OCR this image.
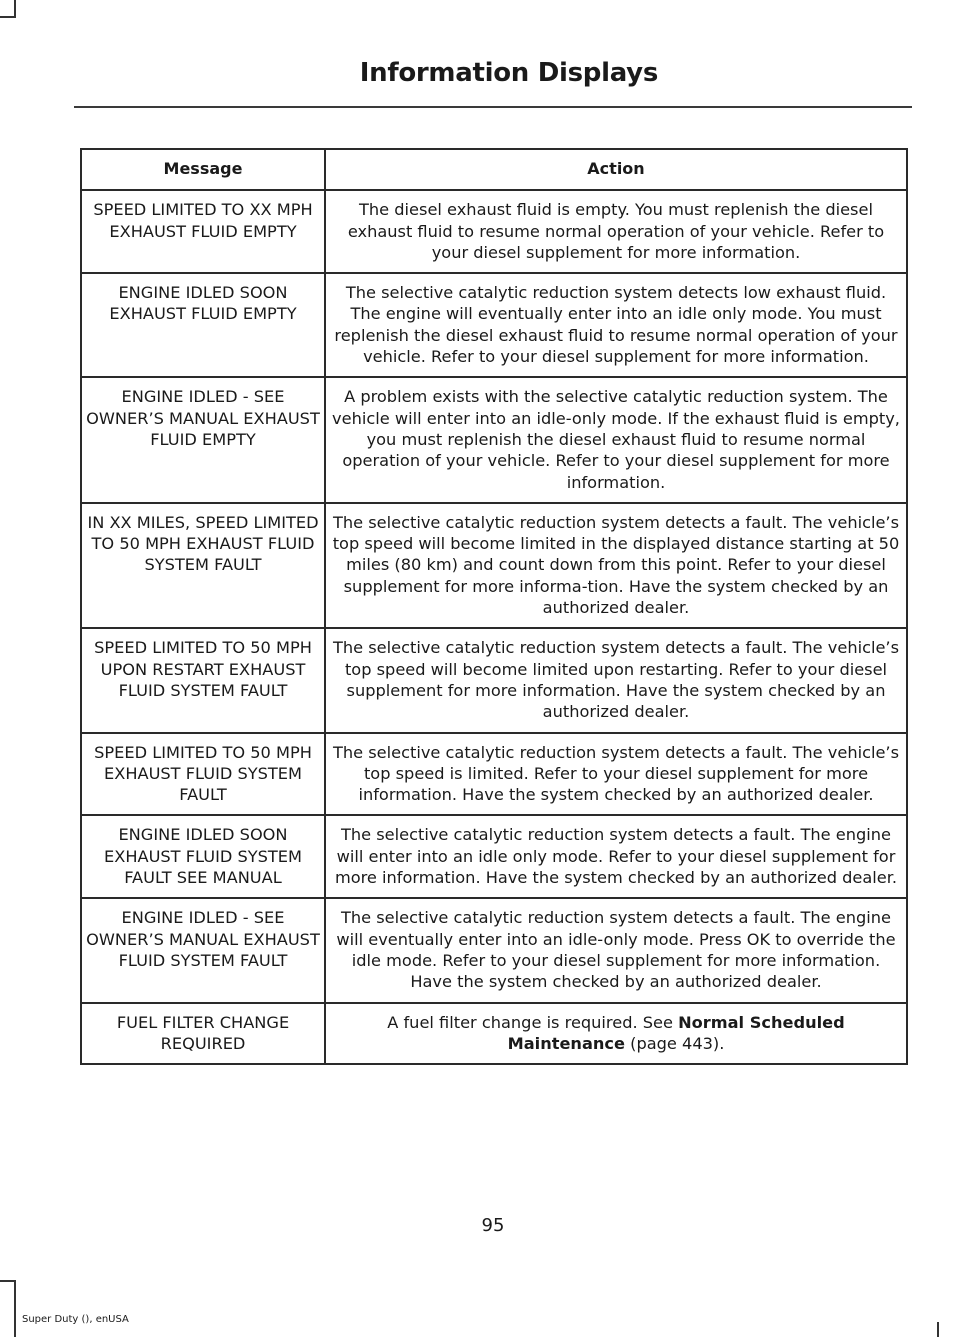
Information Displays
Message	Action
SPEED LIMITED TO XX MPH EXHAUST FLUID EMPTY	The diesel exhaust fluid is empty. You must replenish the diesel exhaust fluid to resume normal operation of your vehicle. Refer to your diesel supplement for more information.
ENGINE IDLED SOON EXHAUST FLUID EMPTY	The selective catalytic reduction system detects low exhaust fluid. The engine will eventually enter into an idle only mode. You must replenish the diesel exhaust fluid to resume normal operation of your vehicle. Refer to your diesel supplement for more information.
ENGINE IDLED - SEE OWNER’S MANUAL EXHAUST FLUID EMPTY	A problem exists with the selective catalytic reduction system. The vehicle will enter into an idle-only mode. If the exhaust fluid is empty, you must replenish the diesel exhaust fluid to resume normal operation of your vehicle. Refer to your diesel supplement for more information.
IN XX MILES, SPEED LIMITED TO 50 MPH EXHAUST FLUID SYSTEM FAULT	The selective catalytic reduction system detects a fault. The vehicle’s top speed will become limited in the displayed distance starting at 50 miles (80 km) and count down from this point. Refer to your diesel supplement for more informa-tion. Have the system checked by an authorized dealer.
SPEED LIMITED TO 50 MPH UPON RESTART EXHAUST FLUID SYSTEM FAULT	The selective catalytic reduction system detects a fault. The vehicle’s top speed will become limited upon restarting. Refer to your diesel supplement for more information. Have the system checked by an authorized dealer.
SPEED LIMITED TO 50 MPH EXHAUST FLUID SYSTEM FAULT	The selective catalytic reduction system detects a fault. The vehicle’s top speed is limited. Refer to your diesel supplement for more information. Have the system checked by an authorized dealer.
ENGINE IDLED SOON EXHAUST FLUID SYSTEM FAULT SEE MANUAL	The selective catalytic reduction system detects a fault. The engine will enter into an idle only mode. Refer to your diesel supplement for more information. Have the system checked by an authorized dealer.
ENGINE IDLED - SEE OWNER’S MANUAL EXHAUST FLUID SYSTEM FAULT	The selective catalytic reduction system detects a fault. The engine will eventually enter into an idle-only mode. Press OK to override the idle mode. Refer to your diesel supplement for more information. Have the system checked by an authorized dealer.
FUEL FILTER CHANGE REQUIRED	A fuel filter change is required. See Normal Scheduled Maintenance (page 443).
95
Super Duty (), enUSA
